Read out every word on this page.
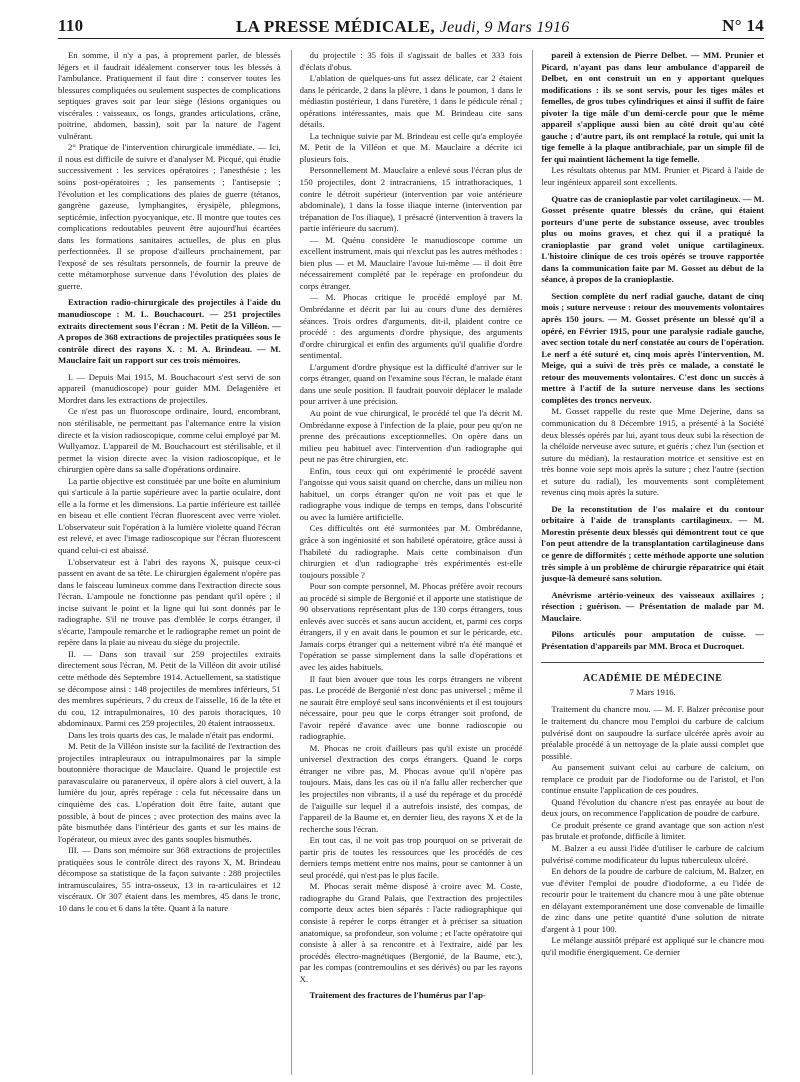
110	LA PRESSE MÉDICALE, Jeudi, 9 Mars 1916	N° 14

En somme, il n'y a pas, à proprement parler, de blessés légers et il faudrait idéalement conserver tous les blessés à l'ambulance. Pratiquement il faut dire : conserver toutes les blessures compliquées ou seulement suspectes de complications septiques graves soit par leur siège (lésions organiques ou viscérales : vaisseaux, os longs, grandes articulations, crâne, poitrine, abdomen, bassin), soit par la nature de l'agent vulnérant.

2° Pratique de l'intervention chirurgicale immédiate. — Ici, il nous est difficile de suivre et d'analyser M. Picqué, qui étudie successivement : les services opératoires ; l'anesthésie ; les soins post-opératoires ; les pansements ; l'antisepsie ; l'évolution et les complications des plaies de guerre (tétanos, gangrène gazeuse, lymphangites, érysipèle, phlegmons, septicémie, infection pyocyanique, etc. Il montre que toutes ces complications redoutables peuvent être aujourd'hui écartées dans les formations sanitaires actuelles, de plus en plus perfectionnées. Il se propose d'ailleurs prochainement, par l'exposé de ses résultats personnels, de fournir la preuve de cette métamorphose survenue dans l'évolution des plaies de guerre.

Extraction radio-chirurgicale des projectiles à l'aide du manudioscope : M. L. Bouchacourt. — 251 projectiles extraits directement sous l'écran : M. Petit de la Villéon. — A propos de 368 extractions de projectiles pratiquées sous le contrôle direct des rayons X. : M. A. Brindeau. — M. Mauclaire fait un rapport sur ces trois mémoires.

I. — Depuis Mai 1915, M. Bouchacourt s'est servi de son appareil (manudioscope) pour guider MM. Delagenière et Mordret dans les extractions de projectiles.

Ce n'est pas un fluoroscope ordinaire, lourd, encombrant, non stérilisable, ne permettant pas l'alternance entre la vision directe et la vision radioscopique, comme celui employé par M. Wullyamoz. L'appareil de M. Bouchacourt est stérilisable, et il permet la vision directe avec la vision radioscopique, et le chirurgien opère dans sa salle d'opérations ordinaire.

La partie objective est constituée par une boîte en aluminium qui s'articule à la partie supérieure avec la partie oculaire, dont elle a la forme et les dimensions. La partie inférieure est taillée en biseau et elle contient l'écran fluorescent avec verre violet. L'observateur suit l'opération à la lumière violette quand l'écran est relevé, et avec l'image radioscopique sur l'écran fluorescent quand celui-ci est abaissé.

L'observateur est à l'abri des rayons X, puisque ceux-ci passent en avant de sa tête. Le chirurgien également n'opère pas dans le faisceau lumineux comme dans l'extraction directe sous l'écran. L'ampoule ne fonctionne pas pendant qu'il opère ; il incise suivant le point et la ligne qui lui sont donnés par le radiographe. S'il ne trouve pas d'emblée le corps étranger, il s'écarte, l'ampoule remarche et le radiographe remet un point de repère dans la plaie au niveau du siège du projectile.

II. — Dans son travail sur 259 projectiles extraits directement sous l'écran, M. Petit de la Villéon dit avoir utilisé cette méthode dès Septembre 1914. Actuellement, sa statistique se décompose ainsi : 148 projectiles de membres inférieurs, 51 des membres supérieurs, 7 du creux de l'aisselle, 16 de la tête et du cou, 12 intrapulmonaires, 10 des parois thoraciques, 10 abdominaux. Parmi ces 259 projectiles, 20 étaient intraosseux.

Dans les trois quarts des cas, le malade n'était pas endormi.

M. Petit de la Villéon insiste sur la facilité de l'extraction des projectiles intrapleuraux ou intrapulmonaires par la simple boutonnière thoracique de Mauclaire. Quand le projectile est paravasculaire ou paranerveux, il opère alors à ciel ouvert, à la lumière du jour, après repérage : cela fut nécessaire dans un cinquième des cas. L'opération doit être faite, autant que possible, à bout de pinces ; avec protection des mains avec la pâte bismuthée dans l'intérieur des gants et sur les mains de l'opérateur, ou mieux avec des gants souples bismuthés.

III. — Dans son mémoire sur 368 extractions de projectiles pratiquées sous le contrôle direct des rayons X, M. Brindeau décompose sa statistique de la façon suivante : 288 projectiles intramusculaires, 55 intra-osseux, 13 in ra-articulaires et 12 viscéraux. Or 307 étaient dans les membres, 45 dans le tronc, 10 dans le cou et 6 dans la tête. Quant à la nature

du projectile : 35 fois il s'agissait de balles et 333 fois d'éclats d'obus.

L'ablation de quelques-uns fut assez délicate, car 2 étaient dans le péricarde, 2 dans la plèvre, 1 dans le poumon, 1 dans le médiastin postérieur, 1 dans l'uretère, 1 dans le pédicule rénal ; opérations intéressantes, mais que M. Brindeau cite sans détails.

La technique suivie par M. Brindeau est celle qu'a employée M. Petit de la Villéon et que M. Mauclaire a décrite ici plusieurs fois.

Personnellement M. Mauclaire a enlevé sous l'écran plus de 150 projectiles, dont 2 intracraniens, 15 intrathoraciques, 1 contre le détroit supérieur (intervention par voie antérieure abdominale), 1 dans la fosse iliaque interne (intervention par trépanation de l'os iliaque), 1 présacré (intervention à travers la partie inférieure du sacrum).

— M. Quénu considère le manudioscope comme un excellent instrument, mais qui n'exclut pas les autres méthodes : bien plus — et M. Mauclaire l'avoue lui-même — il doit être nécessairement complété par le repérage en profondeur du corps étranger.

— M. Phocas critique le procédé employé par M. Ombrédanne et décrit par lui au cours d'une des dernières séances. Trois ordres d'arguments, dit-il, plaident contre ce procédé : des arguments d'ordre physique, des arguments d'ordre chirurgical et enfin des arguments qu'il qualifie d'ordre sentimental.

L'argument d'ordre physique est la difficulté d'arriver sur le corps étranger, quand on l'examine sous l'écran, le malade étant dans une seule position. Il faudrait pouvoir déplacer le malade pour arriver à une précision.

Au point de vue chirurgical, le procédé tel que l'a décrit M. Ombrédanne expose à l'infection de la plaie, pour peu qu'on ne prenne des précautions exceptionnelles. On opère dans un milieu peu habituel avec l'intervention d'un radiographe qui peut ne pas être chirurgien, etc.

Enfin, tous ceux qui ont expérimenté le procédé savent l'angoisse qui vous saisit quand on cherche, dans un milieu non habituel, un corps étranger qu'on ne voit pas et que le radiographe vous indique de temps en temps, dans l'obscurité ou avec la lumière artificielle.

Ces difficultés ont été surmontées par M. Ombrédanne, grâce à son ingéniosité et son habileté opératoire, grâce aussi à l'habileté du radiographe. Mais cette combinaison d'un chirurgien et d'un radiographe très expérimentés est-elle toujours possible ?

Pour son compte personnel, M. Phocas préfère avoir recours au procédé si simple de Bergonié et il apporte une statistique de 90 observations représentant plus de 130 corps étrangers, tous enlevés avec succès et sans aucun accident, et, parmi ces corps étrangers, il y en avait dans le poumon et sur le péricarde, etc. Jamais corps étranger qui a nettement vibré n'a été manqué et l'opération se passe simplement dans la salle d'opérations et avec les aides habituels.

Il faut bien avouer que tous les corps étrangers ne vibrent pas. Le procédé de Bergonié n'est donc pas universel ; même il ne saurait être employé seul sans inconvénients et il est toujours nécessaire, pour peu que le corps étranger soit profond, de l'avoir repéré d'avance avec une bonne radioscopie ou radiographie.

M. Phocas ne croit d'ailleurs pas qu'il existe un procédé universel d'extraction des corps étrangers. Quand le corps étranger ne vibre pas, M. Phocas avoue qu'il n'opère pas toujours. Mais, dans les cas où il n'a fallu aller rechercher que les projectiles non vibrants, il a usé du repérage et du procédé de l'aiguille sur lequel il a autrefois insisté, des compas, de l'appareil de la Baume et, en dernier lieu, des rayons X et de la recherche sous l'écran.

En tout cas, il ne voit pas trop pourquoi on se priverait de partir pris de toutes les ressources que les procédés de ces derniers temps mettent entre nos mains, pour se cantonner à un seul procédé, qui n'est pas le plus facile.

M. Phocas serait même disposé à croire avec M. Coste, radiographe du Grand Palais, que l'extraction des projectiles comporte deux actes bien séparés : l'acte radiographique qui consiste à repérer le corps étranger et à préciser sa situation anatomique, sa profondeur, son volume ; et l'acte opératoire qui consiste à aller à sa rencontre et à l'extraire, aidé par les procédés électro-magnétiques (Bergonié, de la Baume, etc.), par les compas (contremoulins et ses dérivés) ou par les rayons X.

Traitement des fractures de l'humérus par l'ap-

pareil à extension de Pierre Delbet. — MM. Prunier et Picard, n'ayant pas dans leur ambulance d'appareil de Delbet, en ont construit un en y apportant quelques modifications : ils se sont servis, pour les tiges mâles et femelles, de gros tubes cylindriques et ainsi il suffit de faire pivoter la tige mâle d'un demi-cercle pour que le même appareil s'applique aussi bien au côté droit qu'au côté gauche ; d'autre part, ils ont remplacé la rotule, qui unit la tige femelle à la plaque antibrachiale, par un simple fil de fer qui maintient lâchement la tige femelle.

Les résultats obtenus par MM. Prunier et Picard à l'aide de leur ingénieux appareil sont excellents.

Quatre cas de cranioplastie par volet cartilagineux. — M. Gosset présente quatre blessés du crâne, qui étaient porteurs d'une perte de substance osseuse, avec troubles plus ou moins graves, et chez qui il a pratiqué la cranioplastie par grand volet unique cartilagineux. L'histoire clinique de ces trois opérés se trouve rapportée dans la communication faite par M. Gosset au début de la séance, à propos de la cranioplastie.

Section complète du nerf radial gauche, datant de cinq mois ; suture nerveuse : retour des mouvements volontaires après 150 jours. — M. Gosset présente un blessé qu'il a opéré, en Février 1915, pour une paralysie radiale gauche, avec section totale du nerf constatée au cours de l'opération. Le nerf a été suturé et, cinq mois après l'intervention, M. Meige, qui a suivi de très près ce malade, a constaté le retour des mouvements volontaires. C'est donc un succès à mettre à l'actif de la suture nerveuse dans les sections complètes des troncs nerveux.

M. Gosset rappelle du reste que Mme Dejerine, dans sa communication du 8 Décembre 1915, a présenté à la Société deux blessés opérés par lui, ayant tous deux subi la résection de la chéloïde nerveuse avec suture, et guéris ; chez l'un (section et suture du médian), la restauration motrice et sensitive est en très bonne voie sept mois après la suture ; chez l'autre (section et suture du radial), les mouvements sont complètement revenus cinq mois après la suture.

De la reconstitution de l'os malaire et du contour orbitaire à l'aide de transplants cartilagineux. — M. Morestin présente deux blessés qui démontrent tout ce que l'on peut attendre de la transplantation cartilagineuse dans ce genre de difformités ; cette méthode apporte une solution très simple à un problème de chirurgie réparatrice qui était jusque-là demeuré sans solution.

Anévrisme artério-veineux des vaisseaux axillaires ; résection ; guérison. — Présentation de malade par M. Mauclaire.

Pilons articulés pour amputation de cuisse. — Présentation d'appareils par MM. Broca et Ducroquet.

ACADÉMIE DE MÉDECINE
7 Mars 1916.

Traitement du chancre mou. — M. F. Balzer préconise pour le traitement du chancre mou l'emploi du carbure de calcium pulvérisé dont on saupoudre la surface ulcérée après avoir au préalable procédé à un nettoyage de la plaie aussi complet que possible.

Au pansement suivant celui au carbure de calcium, on remplace ce produit par de l'iodoforme ou de l'aristol, et l'on continue ensuite l'application de ces poudres.

Quand l'évolution du chancre n'est pas enrayée au bout de deux jours, on recommence l'application de poudre de carbure.

Ce produit présente ce grand avantage que son action n'est pas brutale et profonde, difficile à limiter.

M. Balzer a eu aussi l'idée d'utiliser le carbure de calcium pulvérisé comme modificateur du lupus tuberculeux ulcéré.

En dehors de la poudre de carbure de calcium, M. Balzer, en vue d'éviter l'emploi de poudre d'iodoforme, a eu l'idée de recourir pour le traitement du chancre mou à une pâte obtenue en délayant extemporanément une dose convenable de limaille de zinc dans une petite quantité d'une solution de nitrate d'argent à 1 pour 100.

Le mélange aussitôt préparé est appliqué sur le chancre mou qu'il modifie énergiquement. Ce dernier
